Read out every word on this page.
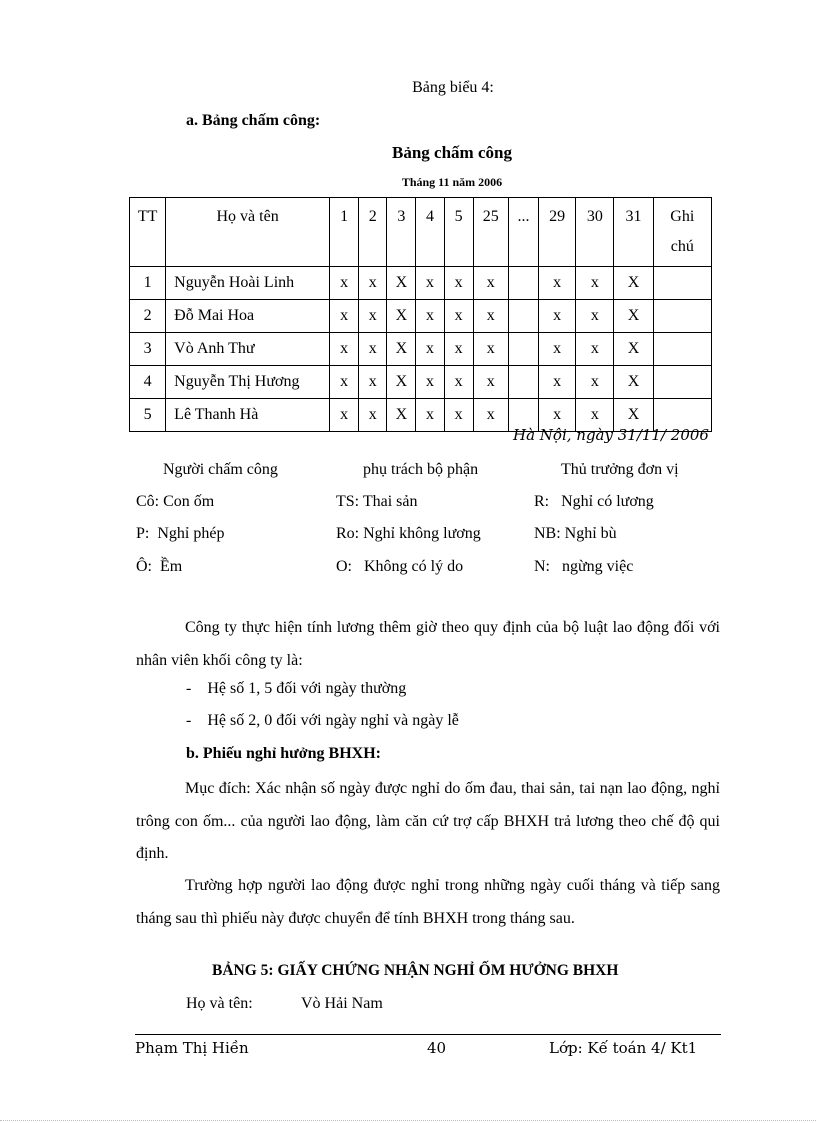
Bảng biểu 4:
a. Bảng chấm công:
Bảng chấm công
Tháng 11 năm 2006
TT	Họ và tên	1	2	3	4	5	25	...	29	30	31	Ghi chú
1	Nguyễn Hoài Linh	x	x	X	x	x	x		x	x	X	
2	Đỗ Mai Hoa	x	x	X	x	x	x		x	x	X	
3	Vò Anh Thư	x	x	X	x	x	x		x	x	X	
4	Nguyễn Thị Hương	x	x	X	x	x	x		x	x	X	
5	Lê Thanh Hà	x	x	X	x	x	x		x	x	X	
Hà Nội, ngày 31/11/ 2006
Người chấm công	phụ trách bộ phận	Thủ trưởng đơn vị
Cô: Con ốm	TS: Thai sản	R:   Nghỉ có lương
P:  Nghỉ phép	Ro: Nghỉ không lương	NB: Nghỉ bù
Ô:  Ềm	O:   Không có lý do	N:   ngừng việc
Công ty thực hiện tính lương thêm giờ theo quy định của bộ luật lao động đối với nhân viên khối công ty là:
-    Hệ số 1, 5 đối với ngày thường
-    Hệ số 2, 0 đối với ngày nghỉ và ngày lễ
b. Phiếu nghỉ hưởng BHXH:
Mục đích: Xác nhận số ngày được nghỉ do ốm đau, thai sản, tai nạn lao động, nghỉ trông con ốm... của người lao động, làm căn cứ trợ cấp BHXH trả lương theo chế độ qui định.
Trường hợp người lao động được nghỉ trong những ngày cuối tháng và tiếp sang tháng sau thì phiếu này được chuyển để tính BHXH trong tháng sau.
BẢNG 5: GIẤY CHỨNG NHẬN NGHỈ ỐM HƯỞNG BHXH
Họ và tên:	Vò Hải Nam
Phạm Thị Hiền	40	Lớp: Kế toán 4/ Kt1
